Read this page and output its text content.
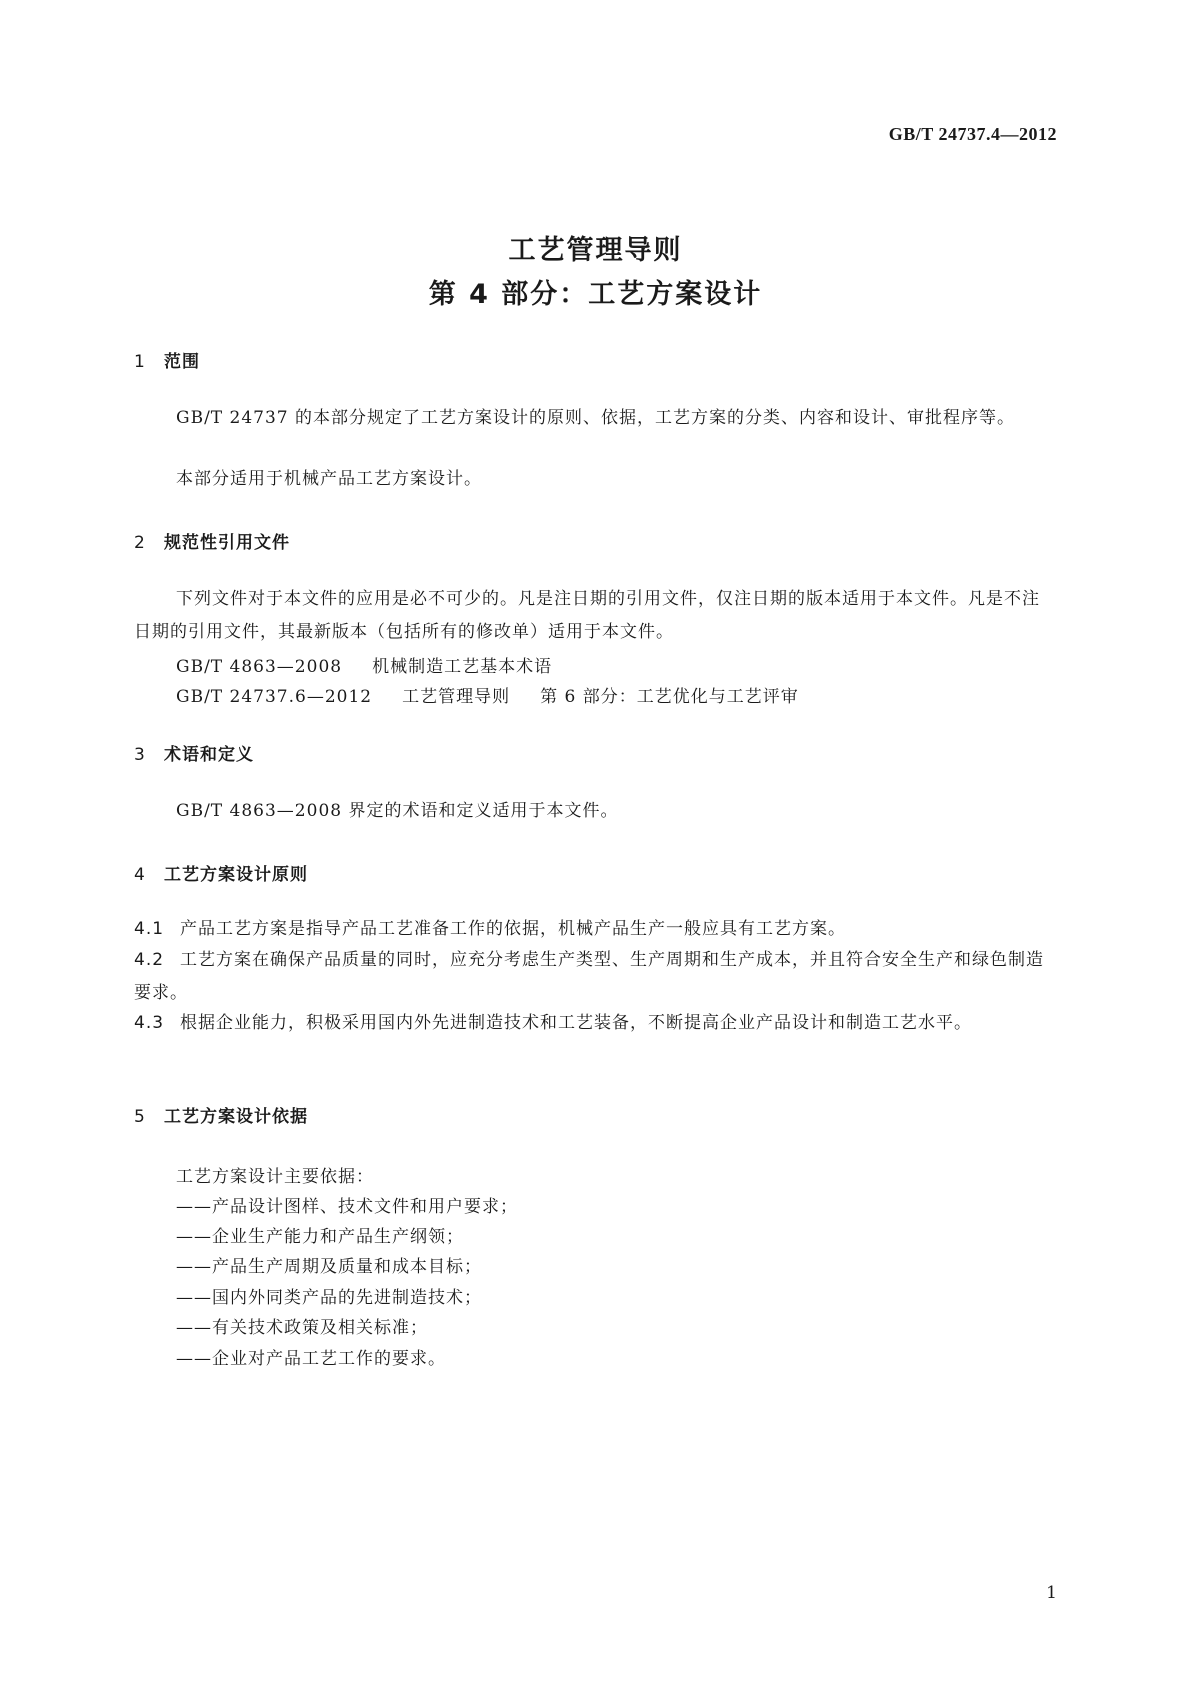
GB/T 24737.4—2012
工艺管理导则
第 4 部分：工艺方案设计
1 范围
GB/T 24737 的本部分规定了工艺方案设计的原则、依据，工艺方案的分类、内容和设计、审批程序等。
本部分适用于机械产品工艺方案设计。
2 规范性引用文件
下列文件对于本文件的应用是必不可少的。凡是注日期的引用文件，仅注日期的版本适用于本文件。凡是不注日期的引用文件，其最新版本（包括所有的修改单）适用于本文件。
GB/T 4863—2008 机械制造工艺基本术语
GB/T 24737.6—2012 工艺管理导则 第 6 部分：工艺优化与工艺评审
3 术语和定义
GB/T 4863—2008 界定的术语和定义适用于本文件。
4 工艺方案设计原则
4.1 产品工艺方案是指导产品工艺准备工作的依据，机械产品生产一般应具有工艺方案。
4.2 工艺方案在确保产品质量的同时，应充分考虑生产类型、生产周期和生产成本，并且符合安全生产和绿色制造要求。
4.3 根据企业能力，积极采用国内外先进制造技术和工艺装备，不断提高企业产品设计和制造工艺水平。
5 工艺方案设计依据
工艺方案设计主要依据：
——产品设计图样、技术文件和用户要求；
——企业生产能力和产品生产纲领；
——产品生产周期及质量和成本目标；
——国内外同类产品的先进制造技术；
——有关技术政策及相关标准；
——企业对产品工艺工作的要求。
1
